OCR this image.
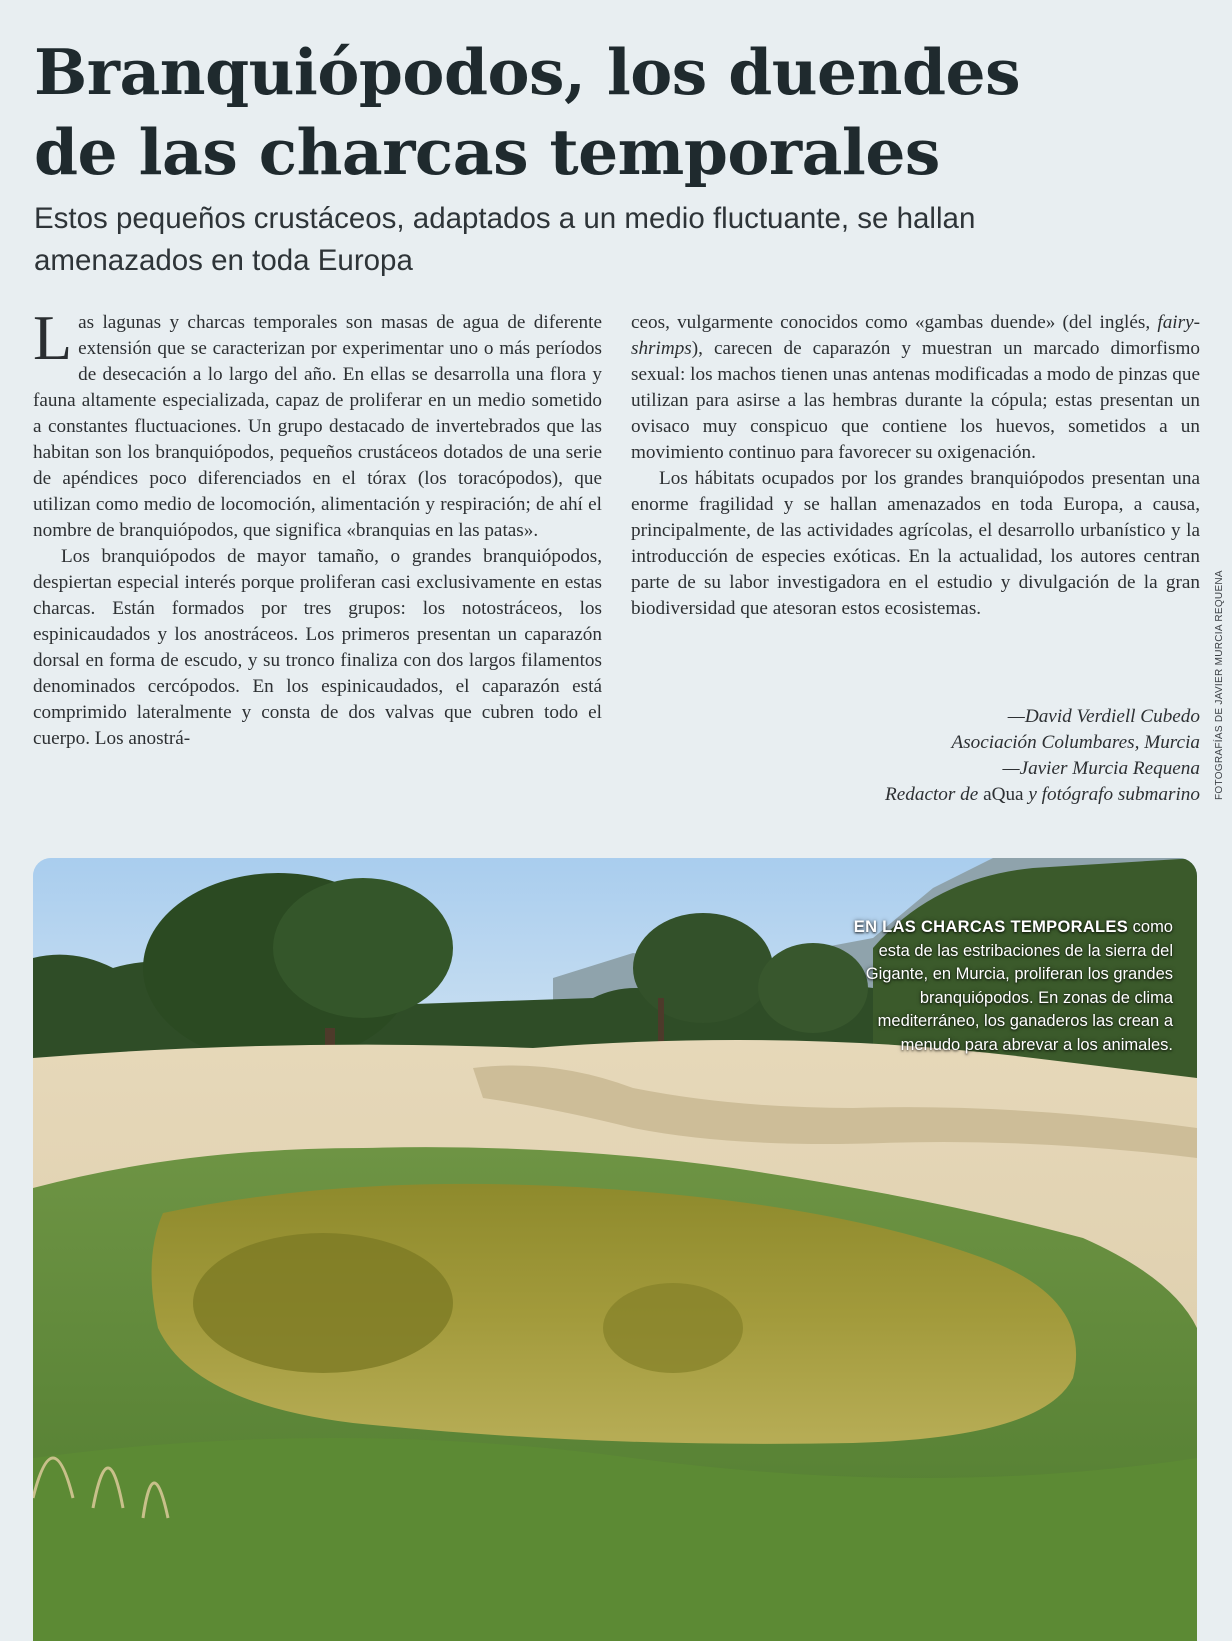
Branquiópodos, los duendes
de las charcas temporales
Estos pequeños crustáceos, adaptados a un medio fluctuante, se hallan
amenazados en toda Europa

Las lagunas y charcas temporales son masas de agua de diferente extensión que se caracterizan por experimentar uno o más períodos de desecación a lo largo del año. En ellas se desarrolla una flora y fauna altamente especializada, capaz de proliferar en un medio sometido a constantes fluctuaciones. Un grupo destacado de invertebrados que las habitan son los branquiópodos, pequeños crustáceos dotados de una serie de apéndices poco diferenciados en el tórax (los toracópodos), que utilizan como medio de locomoción, alimentación y respiración; de ahí el nombre de branquiópodos, que significa «branquias en las patas».

Los branquiópodos de mayor tamaño, o grandes branquiópodos, despiertan especial interés porque proliferan casi exclusivamente en estas charcas. Están formados por tres grupos: los notostráceos, los espinicaudados y los anostráceos. Los primeros presentan un caparazón dorsal en forma de escudo, y su tronco finaliza con dos largos filamentos denominados cercópodos. En los espinicaudados, el caparazón está comprimido lateralmente y consta de dos valvas que cubren todo el cuerpo. Los anostrá-

ceos, vulgarmente conocidos como «gambas duende» (del inglés, fairy-shrimps), carecen de caparazón y muestran un marcado dimorfismo sexual: los machos tienen unas antenas modificadas a modo de pinzas que utilizan para asirse a las hembras durante la cópula; estas presentan un ovisaco muy conspicuo que contiene los huevos, sometidos a un movimiento continuo para favorecer su oxigenación.

Los hábitats ocupados por los grandes branquiópodos presentan una enorme fragilidad y se hallan amenazados en toda Europa, a causa, principalmente, de las actividades agrícolas, el desarrollo urbanístico y la introducción de especies exóticas. En la actualidad, los autores centran parte de su labor investigadora en el estudio y divulgación de la gran biodiversidad que atesoran estos ecosistemas.

—David Verdiell Cubedo
Asociación Columbares, Murcia
—Javier Murcia Requena
Redactor de aQua y fotógrafo submarino FOTOGRAFÍAS DE JAVIER MURCIA REQUENA
EN LAS CHARCAS TEMPORALES como esta de las estribaciones de la sierra del Gigante, en Murcia, proliferan los grandes branquiópodos. En zonas de clima mediterráneo, los ganaderos las crean a menudo para abrevar a los animales.
